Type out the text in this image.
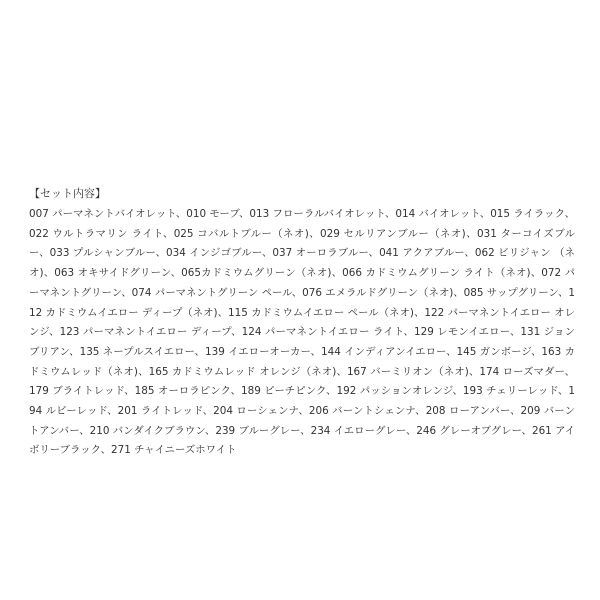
【セット内容】

007 パーマネントバイオレット、010 モーブ、013 フローラルバイオレット、014 バイオレット、015 ライラック、022 ウルトラマリン ライト、025 コバルトブルー（ネオ)、029 セルリアンブルー（ネオ)、031 ターコイズブルー、033 プルシャンブルー、034 インジゴブルー、037 オーロラブルー、041 アクアブルー、062 ビリジャン （ネオ)、063 オキサイドグリーン、065カドミウムグリーン（ネオ)、066 カドミウムグリーン ライト（ネオ)、072 パーマネントグリーン、074 パーマネントグリーン ペール、076 エメラルドグリーン（ネオ)、085 サップグリーン、112 カドミウムイエロー ディープ（ネオ)、115 カドミウムイエロー ペール（ネオ)、122 パーマネントイエロー オレンジ、123 パーマネントイエロー ディープ、124 パーマネントイエロー ライト、129 レモンイエロー、131 ジョンブリアン、135 ネープルスイエロー、139 イエローオーカー、144 インディアンイエロー、145 ガンボージ、163 カドミウムレッド（ネオ)、165 カドミウムレッド オレンジ（ネオ)、167 バーミリオン（ネオ)、174 ローズマダー、179 ブライトレッド、185 オーロラピンク、189 ピーチピンク、192 パッションオレンジ、193 チェリーレッド、194 ルビーレッド、201 ライトレッド、204 ローシェンナ、206 バーントシェンナ、208 ローアンバー、209 バーントアンバー、210 バンダイクブラウン、239 ブルーグレー、234 イエローグレー、246 グレーオブグレー、261 アイボリーブラック、271 チャイニーズホワイト
